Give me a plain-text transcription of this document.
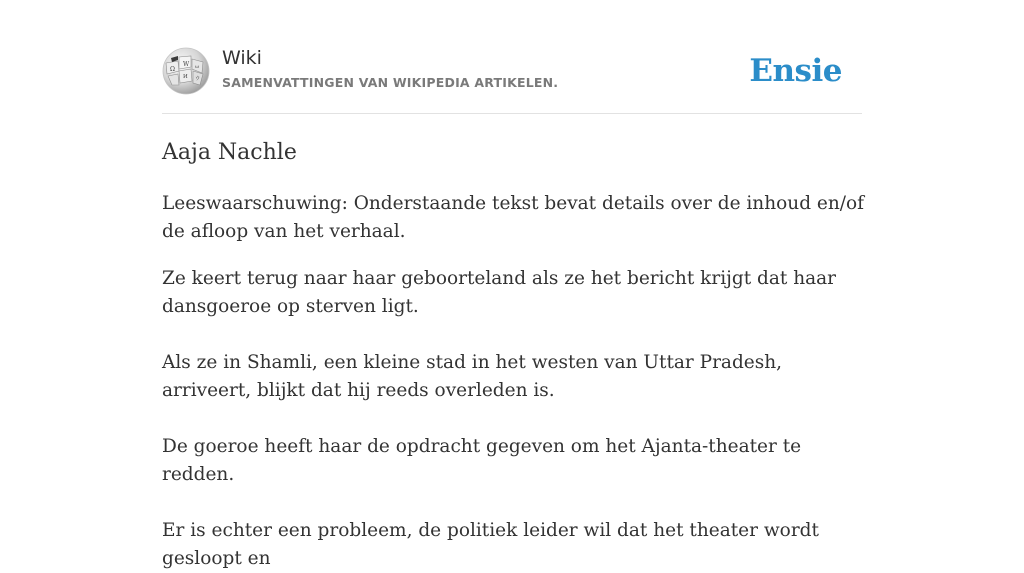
W
Ω
И
ω
ウ
Wiki
SAMENVATTINGEN VAN WIKIPEDIA ARTIKELEN.	Ensie
Aaja Nachle

Leeswaarschuwing: Onderstaande tekst bevat details over de inhoud en/of de afloop van het verhaal.

Ze keert terug naar haar geboorteland als ze het bericht krijgt dat haar dansgoeroe op sterven ligt.

Als ze in Shamli, een kleine stad in het westen van Uttar Pradesh, arriveert, blijkt dat hij reeds overleden is.

De goeroe heeft haar de opdracht gegeven om het Ajanta-theater te redden.

Er is echter een probleem, de politiek leider wil dat het theater wordt gesloopt en
